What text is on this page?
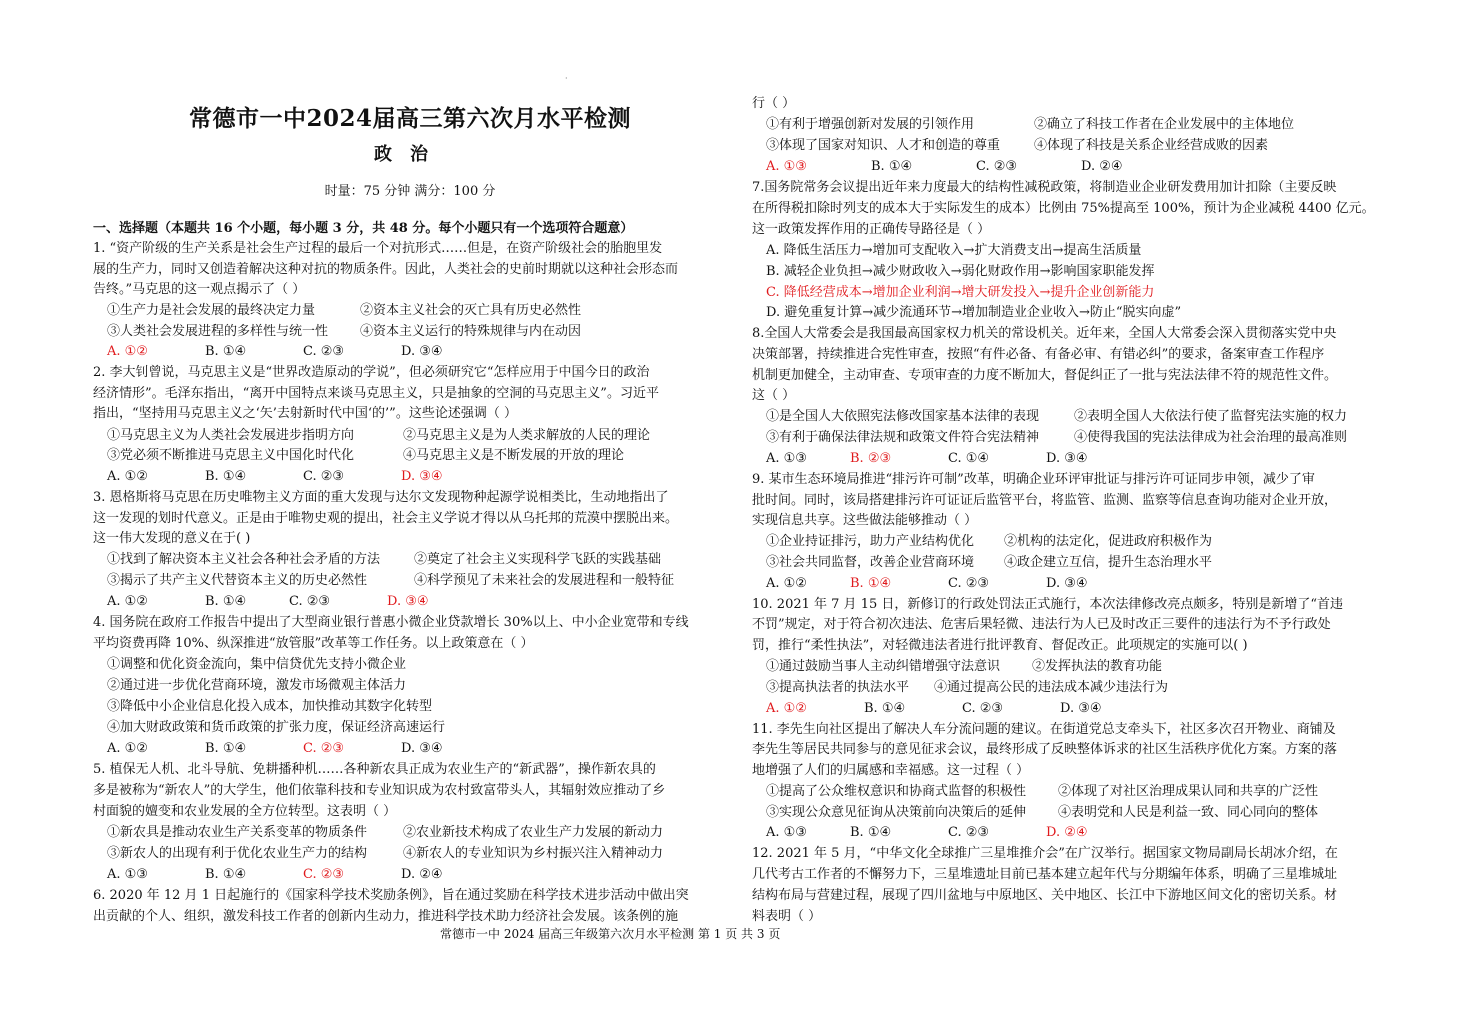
·
常德市一中2024届高三第六次月水平检测
政治
时量：75 分钟 满分：100 分
一、选择题（本题共 16 个小题，每小题 3 分，共 48 分。每个小题只有一个选项符合题意）
1. “资产阶级的生产关系是社会生产过程的最后一个对抗形式……但是，在资产阶级社会的胎胞里发
展的生产力，同时又创造着解决这种对抗的物质条件。因此，人类社会的史前时期就以这种社会形态而
告终。”马克思的这一观点揭示了（ ）
①生产力是社会发展的最终决定力量	②资本主义社会的灭亡具有历史必然性
③人类社会发展进程的多样性与统一性 ④资本主义运行的特殊规律与内在动因
A. ①②	B. ①④	C. ②③	D. ③④
2. 李大钊曾说，马克思主义是“世界改造原动的学说”，但必须研究它“怎样应用于中国今日的政治
经济情形”。毛泽东指出，“离开中国特点来谈马克思主义，只是抽象的空洞的马克思主义”。习近平
指出，“坚持用马克思主义之‘矢’去射新时代中国‘的’”。这些论述强调（ ）
①马克思主义为人类社会发展进步指明方向	②马克思主义是为人类求解放的人民的理论
③党必须不断推进马克思主义中国化时代化	④马克思主义是不断发展的开放的理论
A. ①②	B. ①④	C. ②③	D. ③④
3. 恩格斯将马克思在历史唯物主义方面的重大发现与达尔文发现物种起源学说相类比，生动地指出了
这一发现的划时代意义。正是由于唯物史观的提出，社会主义学说才得以从乌托邦的荒漠中摆脱出来。
这一伟大发现的意义在于( )
①找到了解决资本主义社会各种社会矛盾的方法	②奠定了社会主义实现科学飞跃的实践基础
③揭示了共产主义代替资本主义的历史必然性	④科学预见了未来社会的发展进程和一般特征
A. ①②	B. ①④	C. ②③	D. ③④
4. 国务院在政府工作报告中提出了大型商业银行普惠小微企业贷款增长 30%以上、中小企业宽带和专线
平均资费再降 10%、纵深推进“放管服”改革等工作任务。以上政策意在（ ）
①调整和优化资金流向，集中信贷优先支持小微企业
②通过进一步优化营商环境，激发市场微观主体活力
③降低中小企业信息化投入成本，加快推动其数字化转型
④加大财政政策和货币政策的扩张力度，保证经济高速运行
A. ①②	B. ①④	C. ②③	D. ③④
5. 植保无人机、北斗导航、免耕播种机……各种新农具正成为农业生产的“新武器”，操作新农具的
多是被称为“新农人”的大学生，他们依靠科技和专业知识成为农村致富带头人，其辐射效应推动了乡
村面貌的嬗变和农业发展的全方位转型。这表明（ ）
①新农具是推动农业生产关系变革的物质条件	②农业新技术构成了农业生产力发展的新动力
③新农人的出现有利于优化农业生产力的结构	④新农人的专业知识为乡村振兴注入精神动力
A. ①③	B. ①④	C. ②③	D. ②④
6. 2020 年 12 月 1 日起施行的《国家科学技术奖励条例》，旨在通过奖励在科学技术进步活动中做出突
出贡献的个人、组织，激发科技工作者的创新内生动力，推进科学技术助力经济社会发展。该条例的施
行（ ）
①有利于增强创新对发展的引领作用	②确立了科技工作者在企业发展中的主体地位
③体现了国家对知识、人才和创造的尊重	④体现了科技是关系企业经营成败的因素
A. ①③	B. ①④	C. ②③	D. ②④
7.国务院常务会议提出近年来力度最大的结构性减税政策，将制造业企业研发费用加计扣除（主要反映
在所得税扣除时列支的成本大于实际发生的成本）比例由 75%提高至 100%，预计为企业减税 4400 亿元。
这一政策发挥作用的正确传导路径是（ ）
A. 降低生活压力→增加可支配收入→扩大消费支出→提高生活质量
B. 减轻企业负担→减少财政收入→弱化财政作用→影响国家职能发挥
C. 降低经营成本→增加企业利润→增大研发投入→提升企业创新能力
D. 避免重复计算→减少流通环节→增加制造业企业收入→防止“脱实向虚”
8.全国人大常委会是我国最高国家权力机关的常设机关。近年来，全国人大常委会深入贯彻落实党中央
决策部署，持续推进合宪性审查，按照“有件必备、有备必审、有错必纠”的要求，备案审查工作程序
机制更加健全，主动审查、专项审查的力度不断加大，督促纠正了一批与宪法法律不符的规范性文件。
这（ ）
①是全国人大依照宪法修改国家基本法律的表现	②表明全国人大依法行使了监督宪法实施的权力
③有利于确保法律法规和政策文件符合宪法精神	④使得我国的宪法法律成为社会治理的最高准则
A. ①③	B. ②③	C. ①④	D. ③④
9. 某市生态环境局推进“排污许可制”改革，明确企业环评审批证与排污许可证同步申领，减少了审
批时间。同时，该局搭建排污许可证证后监管平台，将监管、监测、监察等信息查询功能对企业开放，
实现信息共享。这些做法能够推动（ ）
①企业持证排污，助力产业结构优化 ②机构的法定化，促进政府积极作为
③社会共同监督，改善企业营商环境 ④政企建立互信，提升生态治理水平
A. ①②	B. ①④	C. ②③	D. ③④
10. 2021 年 7 月 15 日，新修订的行政处罚法正式施行，本次法律修改亮点颇多，特别是新增了“首违
不罚”规定，对于符合初次违法、危害后果轻微、违法行为人已及时改正三要件的违法行为不予行政处
罚，推行“柔性执法”，对轻微违法者进行批评教育、督促改正。此项规定的实施可以( )
①通过鼓励当事人主动纠错增强守法意识 ②发挥执法的教育功能
③提高执法者的执法水平 ④通过提高公民的违法成本减少违法行为
A. ①②	B. ①④	C. ②③	D. ③④
11. 李先生向社区提出了解决人车分流问题的建议。在街道党总支牵头下，社区多次召开物业、商铺及
李先生等居民共同参与的意见征求会议，最终形成了反映整体诉求的社区生活秩序优化方案。方案的落
地增强了人们的归属感和幸福感。这一过程（ ）
①提高了公众维权意识和协商式监督的积极性 ②体现了对社区治理成果认同和共享的广泛性
③实现公众意见征询从决策前向决策后的延伸 ④表明党和人民是利益一致、同心同向的整体
A. ①③	B. ①④	C. ②③	D. ②④
12. 2021 年 5 月，“中华文化全球推广三星堆推介会”在广汉举行。据国家文物局副局长胡冰介绍，在
几代考古工作者的不懈努力下，三星堆遗址目前已基本建立起年代与分期编年体系，明确了三星堆城址
结构布局与营建过程，展现了四川盆地与中原地区、关中地区、长江中下游地区间文化的密切关系。材
料表明（ ）
常德市一中 2024 届高三年级第六次月水平检测 第 1 页 共 3 页
